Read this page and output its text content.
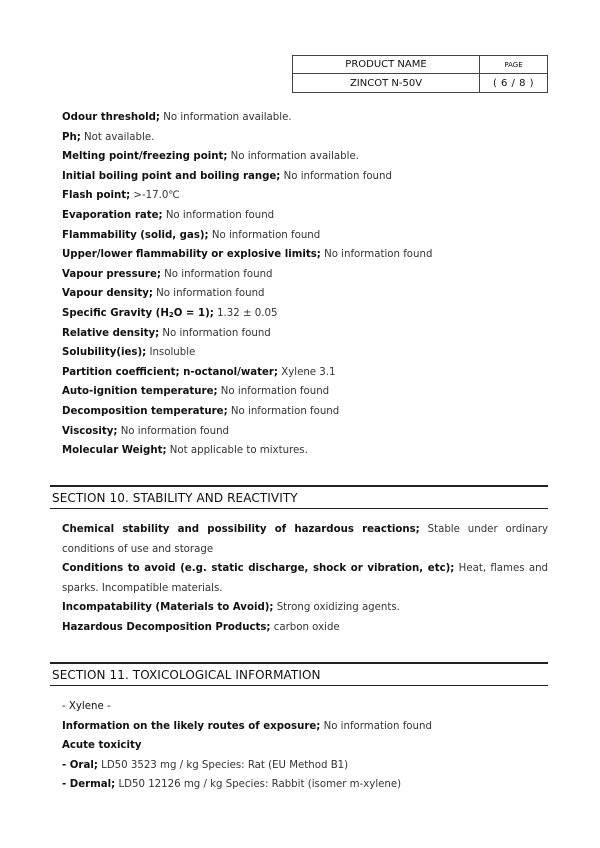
PRODUCT NAME
ZINCOT N-50V
PAGE
( 6 / 8 )
Odour threshold; No information available.
Ph; Not available.
Melting point/freezing point; No information available.
Initial boiling point and boiling range; No information found
Flash point; >-17.0℃
Evaporation rate; No information found
Flammability (solid, gas); No information found
Upper/lower flammability or explosive limits; No information found
Vapour pressure; No information found
Vapour density; No information found
Specific Gravity $(H_2O = 1)$; 1.32 ± 0.05
Relative density; No information found
Solubility(ies); Insoluble
Partition coefficient; n-octanol/water; Xylene 3.1
Auto-ignition temperature; No information found
Decomposition temperature; No information found
Viscosity; No information found
Molecular Weight; Not applicable to mixtures.
SECTION 10. STABILITY AND REACTIVITY
Chemical stability and possibility of hazardous reactions; Stable under ordinary conditions of use and storage
Conditions to avoid (e.g. static discharge, shock or vibration, etc); Heat, flames and sparks. Incompatible materials.
Incompatability (Materials to Avoid); Strong oxidizing agents.
Hazardous Decomposition Products; carbon oxide
SECTION 11. TOXICOLOGICAL INFORMATION
- Xylene -
Information on the likely routes of exposure; No information found
Acute toxicity
- Oral; LD50 3523 mg / kg Species: Rat (EU Method B1)
- Dermal; LD50 12126 mg / kg Species: Rabbit (isomer m-xylene)
